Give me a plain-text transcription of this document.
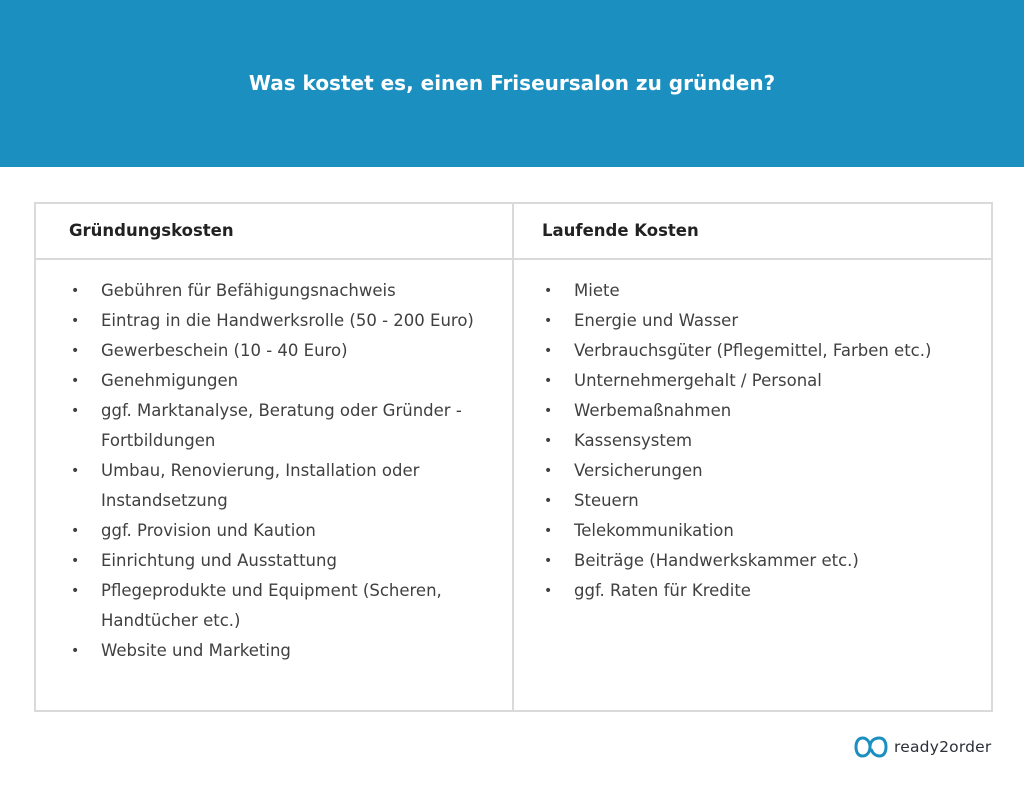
Was kostet es, einen Friseursalon zu gründen?
Gründungskosten	Laufende Kosten
• Gebühren für Befähigungsnachweis
• Eintrag in die Handwerksrolle (50 - 200 Euro)
• Gewerbeschein (10 - 40 Euro)
• Genehmigungen
• ggf. Marktanalyse, Beratung oder Gründer - Fortbildungen
• Umbau, Renovierung, Installation oder Instandsetzung
• ggf. Provision und Kaution
• Einrichtung und Ausstattung
• Pflegeprodukte und Equipment (Scheren, Handtücher etc.)
• Website und Marketing
• Miete
• Energie und Wasser
• Verbrauchsgüter (Pflegemittel, Farben etc.)
• Unternehmergehalt / Personal
• Werbemaßnahmen
• Kassensystem
• Versicherungen
• Steuern
• Telekommunikation
• Beiträge (Handwerkskammer etc.)
• ggf. Raten für Kredite
ready2order
